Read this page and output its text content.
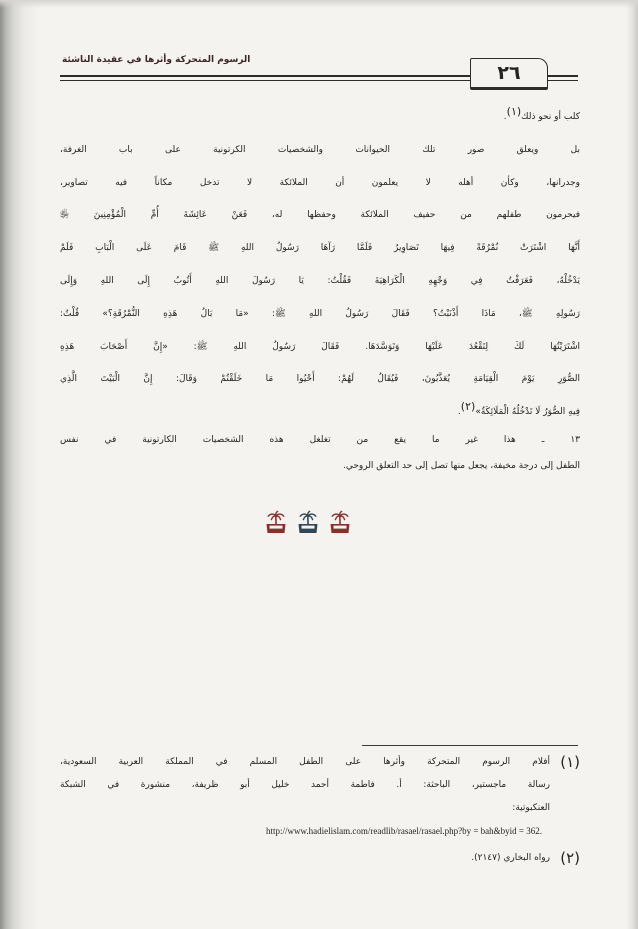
الرسوم المتحركة وأثرها في عقيدة الناشئة
٢٦
كلب أو نحو ذلك$^{(١)}$.
بل ويعلق صور تلك الحيوانات والشخصيات الكرتونية على باب الغرفة،
وجدرانها، وكأن أهله لا يعلمون أن الملائكة لا تدخل مكاناً فيه تصاوير،
فيحرمون طفلهم من حفيف الملائكة وحفظها له، فَعَنْ عَائِشَةَ أُمِّ الْمُؤْمِنِينَ ﵂
أَنَّهَا اشْتَرَتْ نُمْرُقَةً فِيهَا تَصَاوِيرُ فَلَمَّا رَآهَا رَسُولُ اللهِ ﷺ قَامَ عَلَى الْبَابِ فَلَمْ
يَدْخُلْهُ، فَعَرَفْتُ فِي وَجْهِهِ الْكَرَاهِيَةَ فَقُلْتُ: يَا رَسُولَ اللهِ أَتُوبُ إِلَى اللهِ وَإِلَى
رَسُولِهِ ﷺ، مَاذَا أَذْنَبْتُ؟ فَقَالَ رَسُولُ اللهِ ﷺ: «مَا بَالُ هَذِهِ النُّمْرُقَةِ؟» قُلْتُ:
اشْتَرَيْتُهَا لَكَ لِتَقْعُدَ عَلَيْهَا وَتَوَسَّدَهَا. فَقَالَ رَسُولُ اللهِ ﷺ: «إِنَّ أَصْحَابَ هَذِهِ
الصُّوَرِ يَوْمَ الْقِيَامَةِ يُعَذَّبُونَ، فَيُقَالُ لَهُمْ: أَحْيُوا مَا خَلَقْتُمْ وَقَالَ: إِنَّ الْبَيْتَ الَّذِي
فِيهِ الصُّوَرُ لَا تَدْخُلُهُ الْمَلَائِكَةُ»$^{(٢)}$.
١٣ ـ هذا غير ما يقع من تغلغل هذه الشخصيات الكارتونية في نفس
الطفل إلى درجة مخيفة، يجعل منها تصل إلى حد التعلق الروحي.
(١)
أفلام الرسوم المتحركة وأثرها على الطفل المسلم في المملكة العربية السعودية،
رسالة ماجستير، الباحثة: أ. فاطمة أحمد خليل أبو ظريفة، منشورة في الشبكة
العنكبوتية:
http://www.hadielislam.com/readlib/rasael/rasael.php?by = bah&byid = 362.
(٢)
رواه البخاري (٢١٤٧).
